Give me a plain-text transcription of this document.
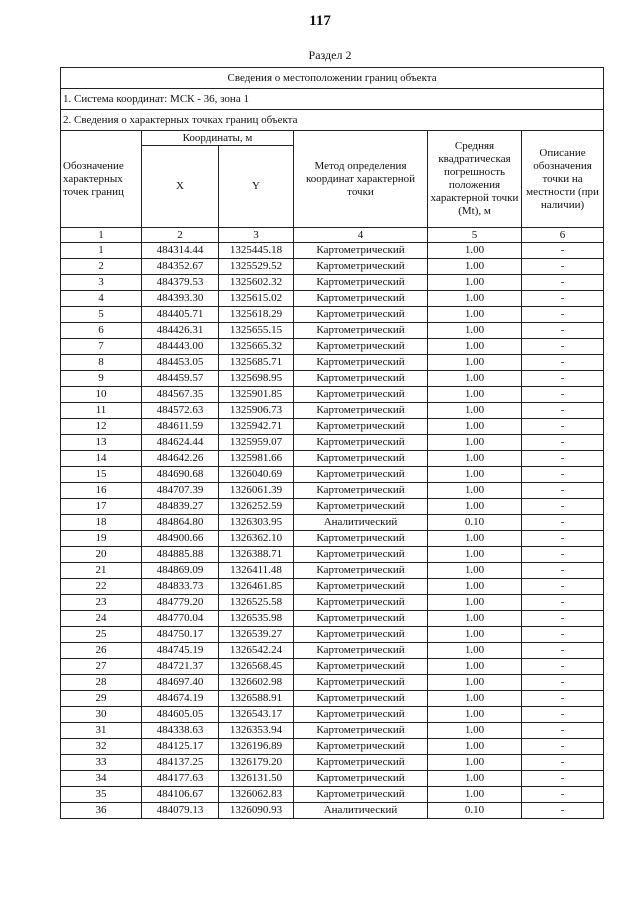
117
Раздел 2
Сведения о местоположении границ объекта					
1. Система координат: МСК - 36, зона 1					
2. Сведения о характерных точках границ объекта					
Обозначение характерных точек границ	Координаты, м		Метод определения координат характерной точки	Средняя квадратическая погрешность положения характерной точки (Mt), м	Описание обозначения точки на местности (при наличии)
	X	Y			
1	2	3	4	5	6
1	484314.44	1325445.18	Картометрический	1.00	-
2	484352.67	1325529.52	Картометрический	1.00	-
3	484379.53	1325602.32	Картометрический	1.00	-
4	484393.30	1325615.02	Картометрический	1.00	-
5	484405.71	1325618.29	Картометрический	1.00	-
6	484426.31	1325655.15	Картометрический	1.00	-
7	484443.00	1325665.32	Картометрический	1.00	-
8	484453.05	1325685.71	Картометрический	1.00	-
9	484459.57	1325698.95	Картометрический	1.00	-
10	484567.35	1325901.85	Картометрический	1.00	-
11	484572.63	1325906.73	Картометрический	1.00	-
12	484611.59	1325942.71	Картометрический	1.00	-
13	484624.44	1325959.07	Картометрический	1.00	-
14	484642.26	1325981.66	Картометрический	1.00	-
15	484690.68	1326040.69	Картометрический	1.00	-
16	484707.39	1326061.39	Картометрический	1.00	-
17	484839.27	1326252.59	Картометрический	1.00	-
18	484864.80	1326303.95	Аналитический	0.10	-
19	484900.66	1326362.10	Картометрический	1.00	-
20	484885.88	1326388.71	Картометрический	1.00	-
21	484869.09	1326411.48	Картометрический	1.00	-
22	484833.73	1326461.85	Картометрический	1.00	-
23	484779.20	1326525.58	Картометрический	1.00	-
24	484770.04	1326535.98	Картометрический	1.00	-
25	484750.17	1326539.27	Картометрический	1.00	-
26	484745.19	1326542.24	Картометрический	1.00	-
27	484721.37	1326568.45	Картометрический	1.00	-
28	484697.40	1326602.98	Картометрический	1.00	-
29	484674.19	1326588.91	Картометрический	1.00	-
30	484605.05	1326543.17	Картометрический	1.00	-
31	484338.63	1326353.94	Картометрический	1.00	-
32	484125.17	1326196.89	Картометрический	1.00	-
33	484137.25	1326179.20	Картометрический	1.00	-
34	484177.63	1326131.50	Картометрический	1.00	-
35	484106.67	1326062.83	Картометрический	1.00	-
36	484079.13	1326090.93	Аналитический	0.10	-
